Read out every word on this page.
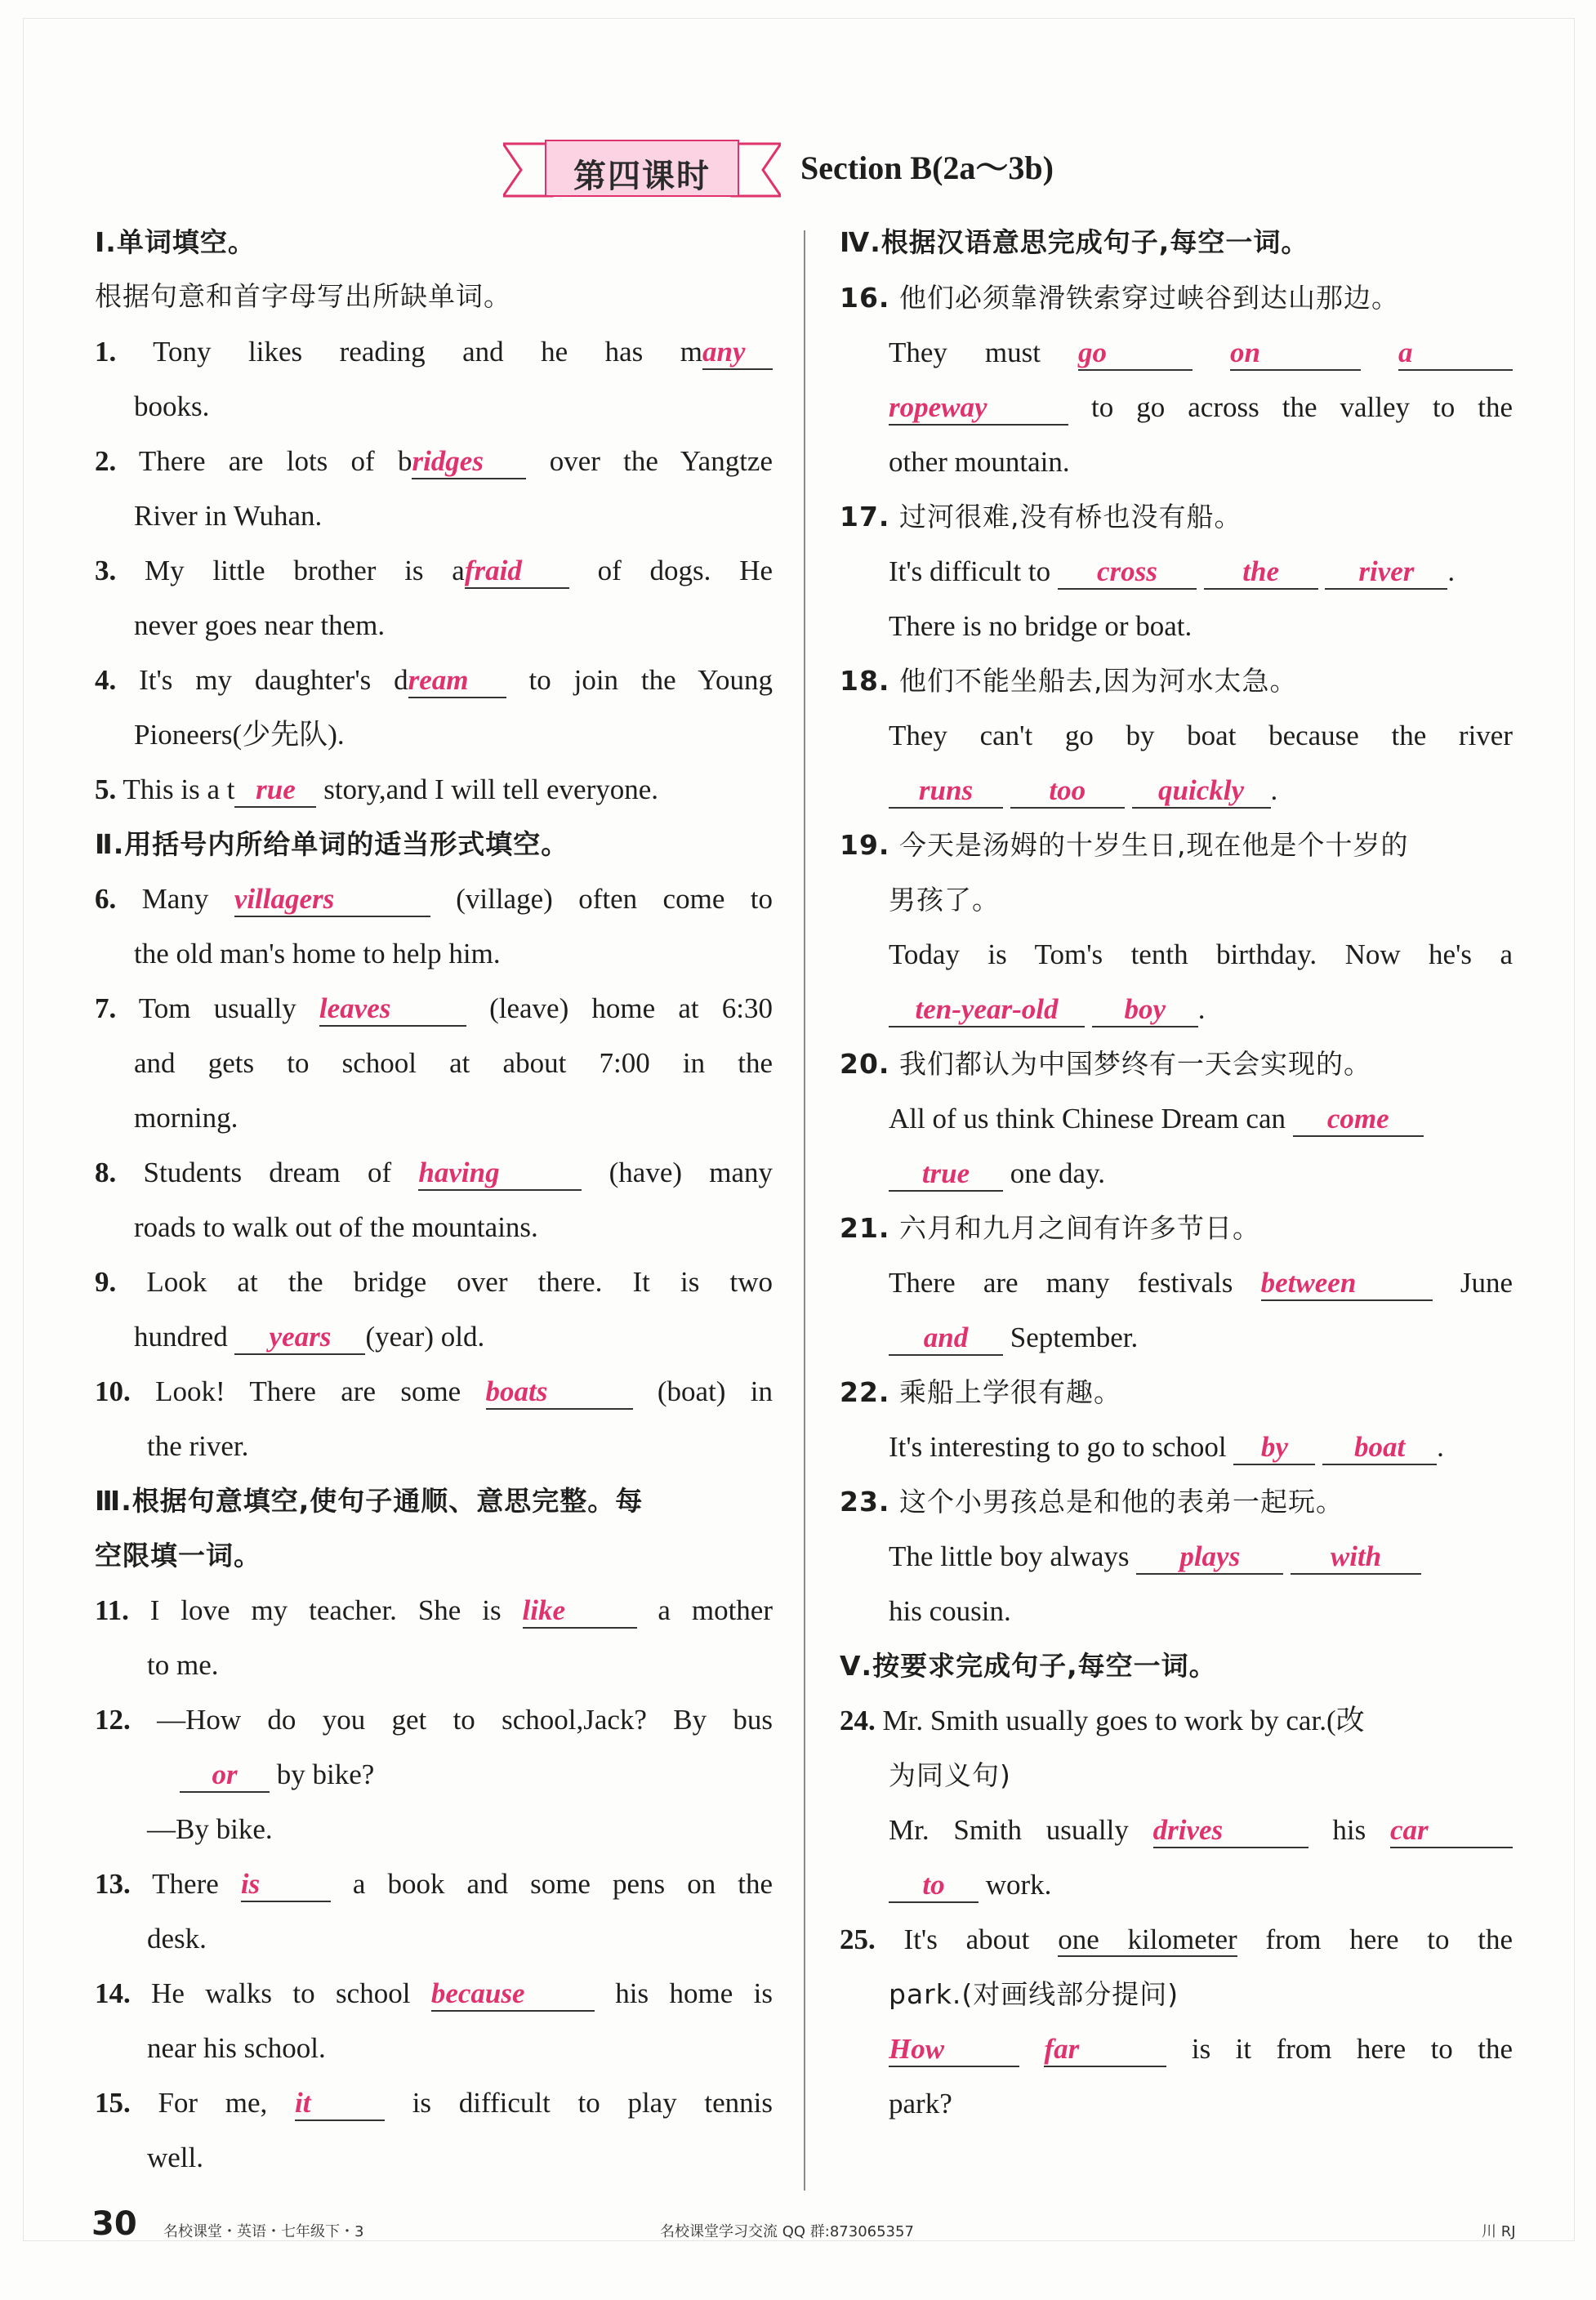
第四课时	Section B(2a～3b)
Ⅰ.单词填空。
根据句意和首字母写出所缺单词。
1. Tony likes reading and he has many
books.
2. There are lots of bridges over the Yangtze
River in Wuhan.
3. My little brother is afraid	of dogs. He
never goes near them.
4. It's my daughter's dream to join the Young
Pioneers(少先队).
5. This is a t rue story,and I will tell everyone.
Ⅱ.用括号内所给单词的适当形式填空。
6. Many villagers	(village) often come to
the old man's home to help him.
7. Tom usually leaves	(leave) home at 6:30
and gets to school at about 7:00 in the
morning.
8. Students dream of having	(have) many
roads to walk out of the mountains.
9. Look at the bridge over there. It is two
hundred years (year) old.
10. Look! There are some boats	(boat) in
the river.
Ⅲ.根据句意填空,使句子通顺、意思完整。每
空限填一词。
11. I love my teacher. She is like	a mother
to me.
12. —How do you get to school,Jack? By bus
or by bike?
—By bike.
13. There is	a book and some pens on the
desk.
14. He walks to school because	his home is
near his school.
15. For me, it	is difficult to play tennis
well.
Ⅳ.根据汉语意思完成句子,每空一词。
16. 他们必须靠滑铁索穿过峡谷到达山那边。
They must go	on	a
ropeway	to go across the valley to the
other mountain.
17. 过河很难,没有桥也没有船。
It's difficult to cross	the	river .
There is no bridge or boat.
18. 他们不能坐船去,因为河水太急。
They can't go by boat because the river
runs	too	quickly .
19. 今天是汤姆的十岁生日,现在他是个十岁的
男孩了。
Today is Tom's tenth birthday. Now he's a
ten-year-old boy .
20. 我们都认为中国梦终有一天会实现的。
All of us think Chinese Dream can come
true one day.
21. 六月和九月之间有许多节日。
There are many festivals between	June
and September.
22. 乘船上学很有趣。
It's interesting to go to school by boat .
23. 这个小男孩总是和他的表弟一起玩。
The little boy always plays	with
his cousin.
Ⅴ.按要求完成句子,每空一词。
24. Mr. Smith usually goes to work by car.(改
为同义句)
Mr. Smith usually drives	his car
to work.
25. It's about one kilometer from here to the
park.(对画线部分提问)
How	far	is it from here to the
park?
30 名校课堂・英语・七年级下・3	名校课堂学习交流 QQ 群:873065357	川 RJ
